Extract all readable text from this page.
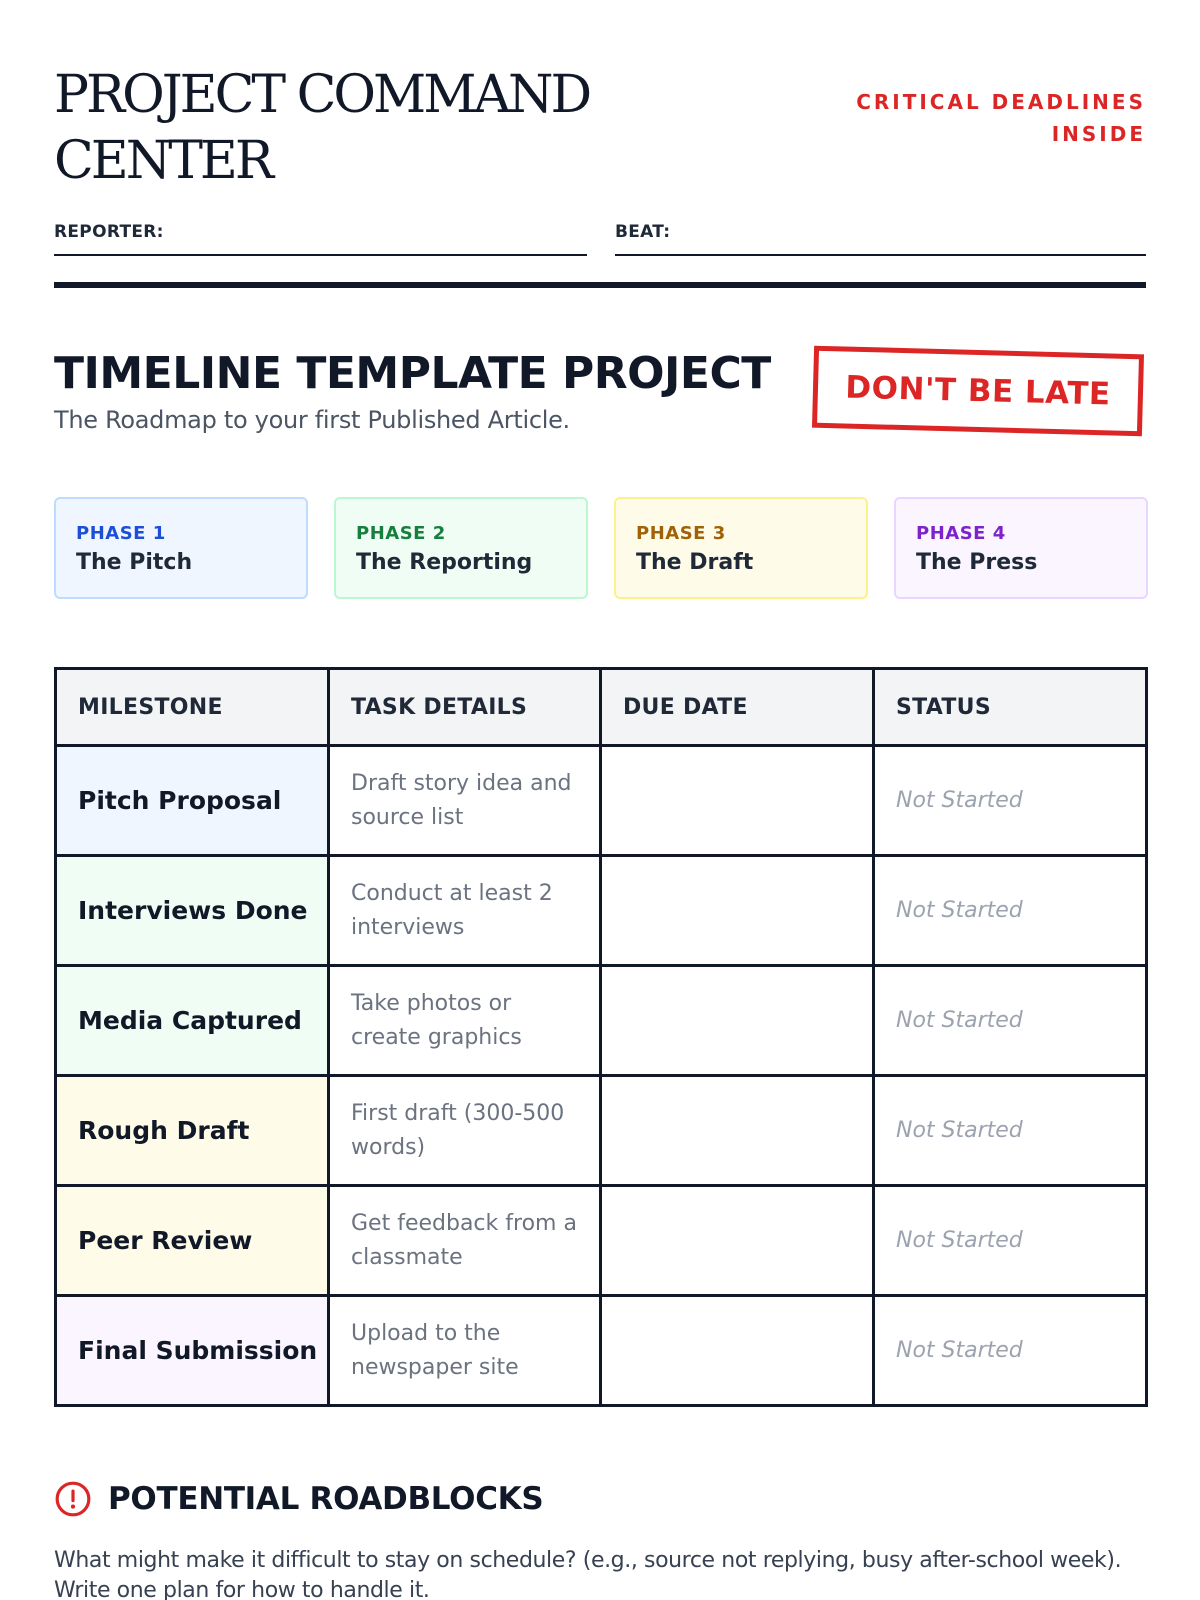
PROJECT COMMAND CENTER
CRITICAL DEADLINES INSIDE
REPORTER:	BEAT:
TIMELINE TEMPLATE PROJECT

The Roadmap to your first Published Article.

DON'T BE LATE
PHASE 1
The Pitch
PHASE 2
The Reporting
PHASE 3
The Draft
PHASE 4
The Press
MILESTONE	TASK DETAILS	DUE DATE	STATUS
Pitch Proposal	Draft story idea and source list		Not Started
Interviews Done	Conduct at least 2 interviews		Not Started
Media Captured	Take photos or create graphics		Not Started
Rough Draft	First draft (300-500 words)		Not Started
Peer Review	Get feedback from a classmate		Not Started
Final Submission	Upload to the newspaper site		Not Started
POTENTIAL ROADBLOCKS

What might make it difficult to stay on schedule? (e.g., source not replying, busy after-school week). Write one plan for how to handle it.
